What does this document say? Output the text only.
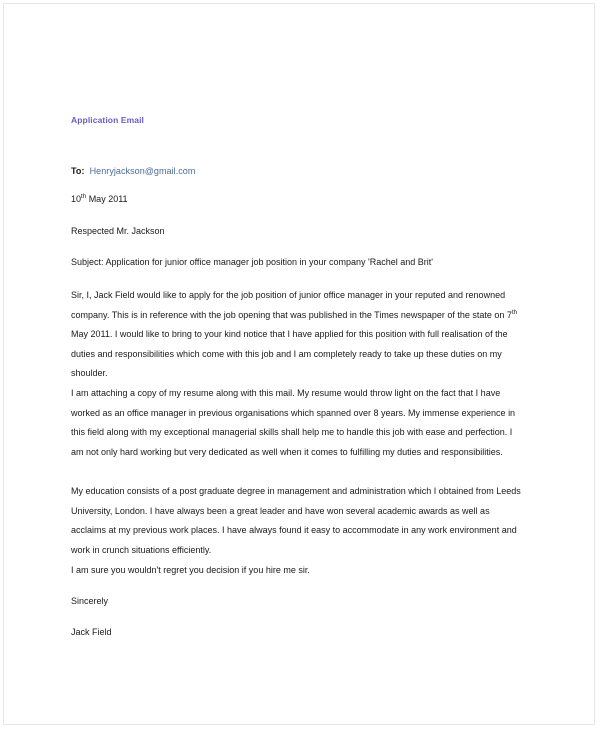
Application Email
To: Henryjackson@gmail.com
10th May 2011
Respected Mr. Jackson
Subject: Application for junior office manager job position in your company 'Rachel and Brit'
Sir, I, Jack Field would like to apply for the job position of junior office manager in your reputed and renowned company. This is in reference with the job opening that was published in the Times newspaper of the state on 7th May 2011. I would like to bring to your kind notice that I have applied for this position with full realisation of the duties and responsibilities which come with this job and I am completely ready to take up these duties on my shoulder.
I am attaching a copy of my resume along with this mail. My resume would throw light on the fact that I have worked as an office manager in previous organisations which spanned over 8 years. My immense experience in this field along with my exceptional managerial skills shall help me to handle this job with ease and perfection. I am not only hard working but very dedicated as well when it comes to fulfilling my duties and responsibilities.
My education consists of a post graduate degree in management and administration which I obtained from Leeds University, London. I have always been a great leader and have won several academic awards as well as acclaims at my previous work places. I have always found it easy to accommodate in any work environment and work in crunch situations efficiently.
I am sure you wouldn't regret you decision if you hire me sir.
Sincerely
Jack Field
